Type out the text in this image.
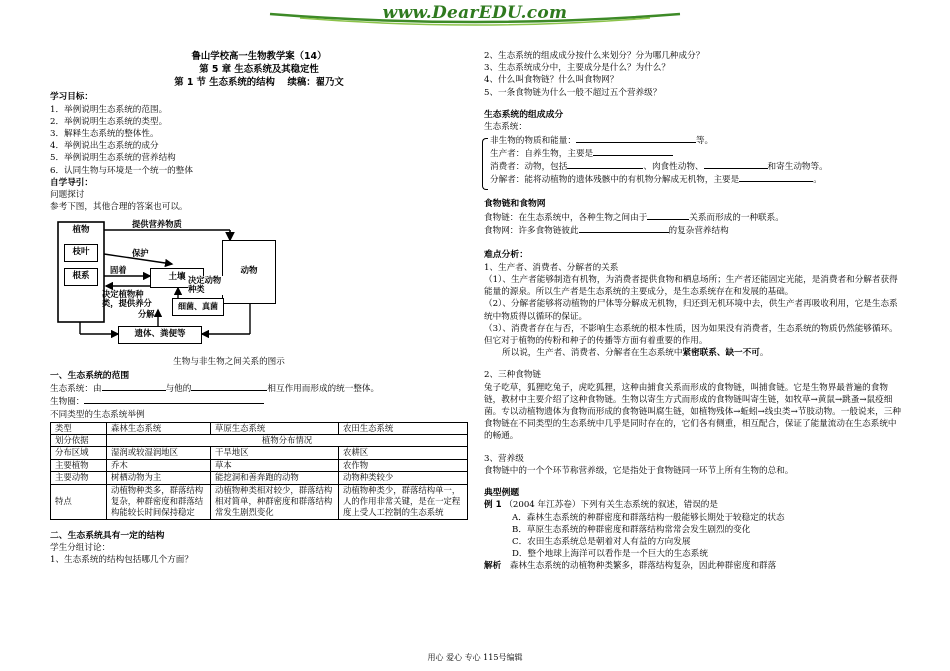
www.DearEDU.com
鲁山学校高一生物教学案（14）
第 5 章 生态系统及其稳定性
第 1 节 生态系统的结构　 续稿：翟乃文

学习目标：

1．举例说明生态系统的范围。

2．举例说明生态系统的类型。

3．解释生态系统的整体性。

4．举例说出生态系统的成分

5．举例说明生态系统的营养结构

6．认同生物与环境是一个统一的整体

自学导引：

问题探讨

参考下图，其他合理的答案也可以。

植物
枝叶
根系	土壤
动物
细菌、真菌
遗体、粪便等
提供营养物质
保护
固着
决定植物种类，提供养分
决定动物种类
分解

生物与非生物之间关系的图示

一、生态系统的范围

生态系统：由	与他的	相互作用而形成的统一整体。

生物圈：

不同类型的生态系统举例

类型	森林生态系统	草原生态系统	农田生态系统
划分依据	植物分布情况		
分布区域	湿润或较湿润地区	干旱地区	农耕区
主要植物	乔木	草本	农作物
主要动物	树栖动物为主	能挖洞和善奔跑的动物	动物种类较少
特点	动植物种类多，群落结构复杂，种群密度和群落结构能较长时间保持稳定	动植物种类相对较少，群落结构相对简单，种群密度和群落结构常发生剧烈变化	动植物种类少，群落结构单一，人的作用非常关键，是在一定程度上受人工控制的生态系统

二、生态系统具有一定的结构

学生分组讨论：

1、生态系统的结构包括哪几个方面？

2、生态系统的组成成分按什么来划分？分为哪几种成分？

3、生态系统成分中，主要成分是什么？为什么？

4、什么叫食物链？什么叫食物网？

5、一条食物链为什么一般不超过五个营养级？

生态系统的组成成分

生态系统：

非生物的物质和能量：	等。

生产者：自养生物，主要是

消费者：动物，包括	、肉食性动物、	和寄生动物等。

分解者：能将动植物的遗体残骸中的有机物分解成无机物，主要是	。

食物链和食物网

食物链：在生态系统中，各种生物之间由于	关系而形成的一种联系。

食物网：许多食物链彼此	的复杂营养结构

难点分析：

1、生产者、消费者、分解者的关系

（1）、生产者能够制造有机物，为消费者提供食物和栖息场所；生产者还能固定光能，是消费者和分解者获得能量的源泉。所以生产者是生态系统的主要成分，是生态系统存在和发展的基础。

（2）、分解者能够将动植物的尸体等分解成无机物，归还到无机环境中去，供生产者再吸收利用，它是生态系统中物质得以循环的保证。

（3）、消费者存在与否，不影响生态系统的根本性质，因为如果没有消费者，生态系统的物质仍然能够循环。但它对于植物的传粉和种子的传播等方面有着重要的作用。

所以说，生产者、消费者、分解者在生态系统中紧密联系、缺一不可。

2、三种食物链

兔子吃草，狐狸吃兔子，虎吃狐狸，这种由捕食关系而形成的食物链，叫捕食链。它是生物界最普遍的食物链，教材中主要介绍了这种食物链。生物以寄生方式而形成的食物链叫寄生链，如牧草→黄鼠→跳蚤→鼠疫细菌。专以动植物遗体为食物而形成的食物链叫腐生链，如植物残体→蚯蚓→线虫类→节肢动物。一般说来，三种食物链在不同类型的生态系统中几乎是同时存在的，它们各有侧重，相互配合，保证了能量流动在生态系统中的畅通。

3、营养级

食物链中的一个个环节称营养级，它是指处于食物链同一环节上所有生物的总和。

典型例题

例 1 （2004 年江苏卷）下列有关生态系统的叙述，错误的是

A．森林生态系统的种群密度和群落结构一般能够长期处于较稳定的状态

B．草原生态系统的种群密度和群落结构常常会发生剧烈的变化

C．农田生态系统总是朝着对人有益的方向发展

D．整个地球上海洋可以看作是一个巨大的生态系统

解析　 森林生态系统的动植物种类繁多，群落结构复杂，因此种群密度和群落

用心 爱心 专心 115号编辑
